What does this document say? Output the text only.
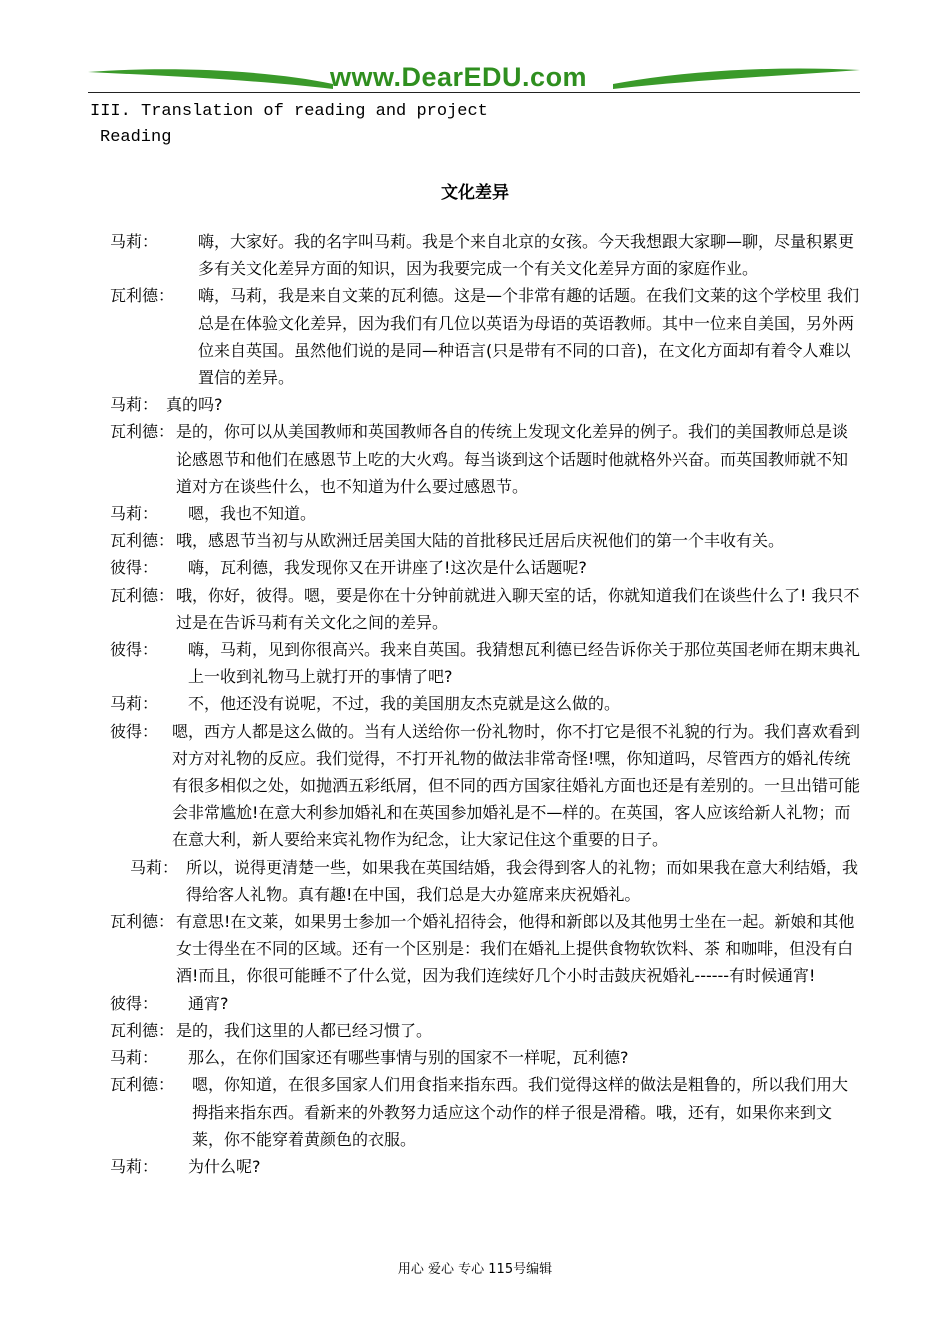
www.DearEDU.com
III. Translation of reading and project
Reading
文化差异
马莉：	嗨，大家好。我的名字叫马莉。我是个来自北京的女孩。今天我想跟大家聊—聊，尽量积累更多有关文化差异方面的知识，因为我要完成一个有关文化差异方面的家庭作业。
瓦利德：	嗨，马莉，我是来自文莱的瓦利德。这是—个非常有趣的话题。在我们文莱的这个学校里 我们总是在体验文化差异，因为我们有几位以英语为母语的英语教师。其中一位来自美国，另外两位来自英国。虽然他们说的是同—种语言(只是带有不同的口音)，在文化方面却有着令人难以置信的差异。
马莉： 真的吗?
瓦利德： 是的，你可以从美国教师和英国教师各自的传统上发现文化差异的例子。我们的美国教师总是谈论感恩节和他们在感恩节上吃的大火鸡。每当谈到这个话题时他就格外兴奋。而英国教师就不知道对方在谈些什么，也不知道为什么要过感恩节。
马莉：	嗯，我也不知道。
瓦利德： 哦，感恩节当初与从欧洲迁居美国大陆的首批移民迁居后庆祝他们的第一个丰收有关。
彼得：	嗨，瓦利德，我发现你又在开讲座了!这次是什么话题呢?
瓦利德： 哦，你好，彼得。嗯，要是你在十分钟前就进入聊天室的话，你就知道我们在谈些什么了! 我只不过是在告诉马莉有关文化之间的差异。
彼得：	嗨，马莉，见到你很高兴。我来自英国。我猜想瓦利德已经告诉你关于那位英国老师在期末典礼上一收到礼物马上就打开的事情了吧?
马莉：	不，他还没有说呢，不过，我的美国朋友杰克就是这么做的。
彼得： 嗯，西方人都是这么做的。当有人送给你一份礼物时，你不打它是很不礼貌的行为。我们喜欢看到对方对礼物的反应。我们觉得，不打开礼物的做法非常奇怪!嘿，你知道吗，尽管西方的婚礼传统有很多相似之处，如抛洒五彩纸屑，但不同的西方国家往婚礼方面也还是有差别的。一旦出错可能会非常尴尬!在意大利参加婚礼和在英国参加婚礼是不—样的。在英国，客人应该给新人礼物；而在意大利，新人要给来宾礼物作为纪念，让大家记住这个重要的日子。
马莉： 所以，说得更清楚一些，如果我在英国结婚，我会得到客人的礼物；而如果我在意大利结婚，我得给客人礼物。真有趣!在中国，我们总是大办筵席来庆祝婚礼。
瓦利德： 有意思!在文莱，如果男士参加一个婚礼招待会，他得和新郎以及其他男士坐在一起。新娘和其他女士得坐在不同的区域。还有一个区别是：我们在婚礼上提供食物软饮料、茶 和咖啡，但没有白酒!而且，你很可能睡不了什么觉，因为我们连续好几个小时击鼓庆祝婚礼------有时候通宵!
彼得：	通宵?
瓦利德： 是的，我们这里的人都已经习惯了。
马莉：	那么，在你们国家还有哪些事情与别的国家不一样呢，瓦利德?
瓦利德：	嗯，你知道，在很多国家人们用食指来指东西。我们觉得这样的做法是粗鲁的，所以我们用大拇指来指东西。看新来的外教努力适应这个动作的样子很是滑稽。哦，还有，如果你来到文莱，你不能穿着黄颜色的衣服。
马莉：	为什么呢?
用心 爱心 专心 115号编辑
